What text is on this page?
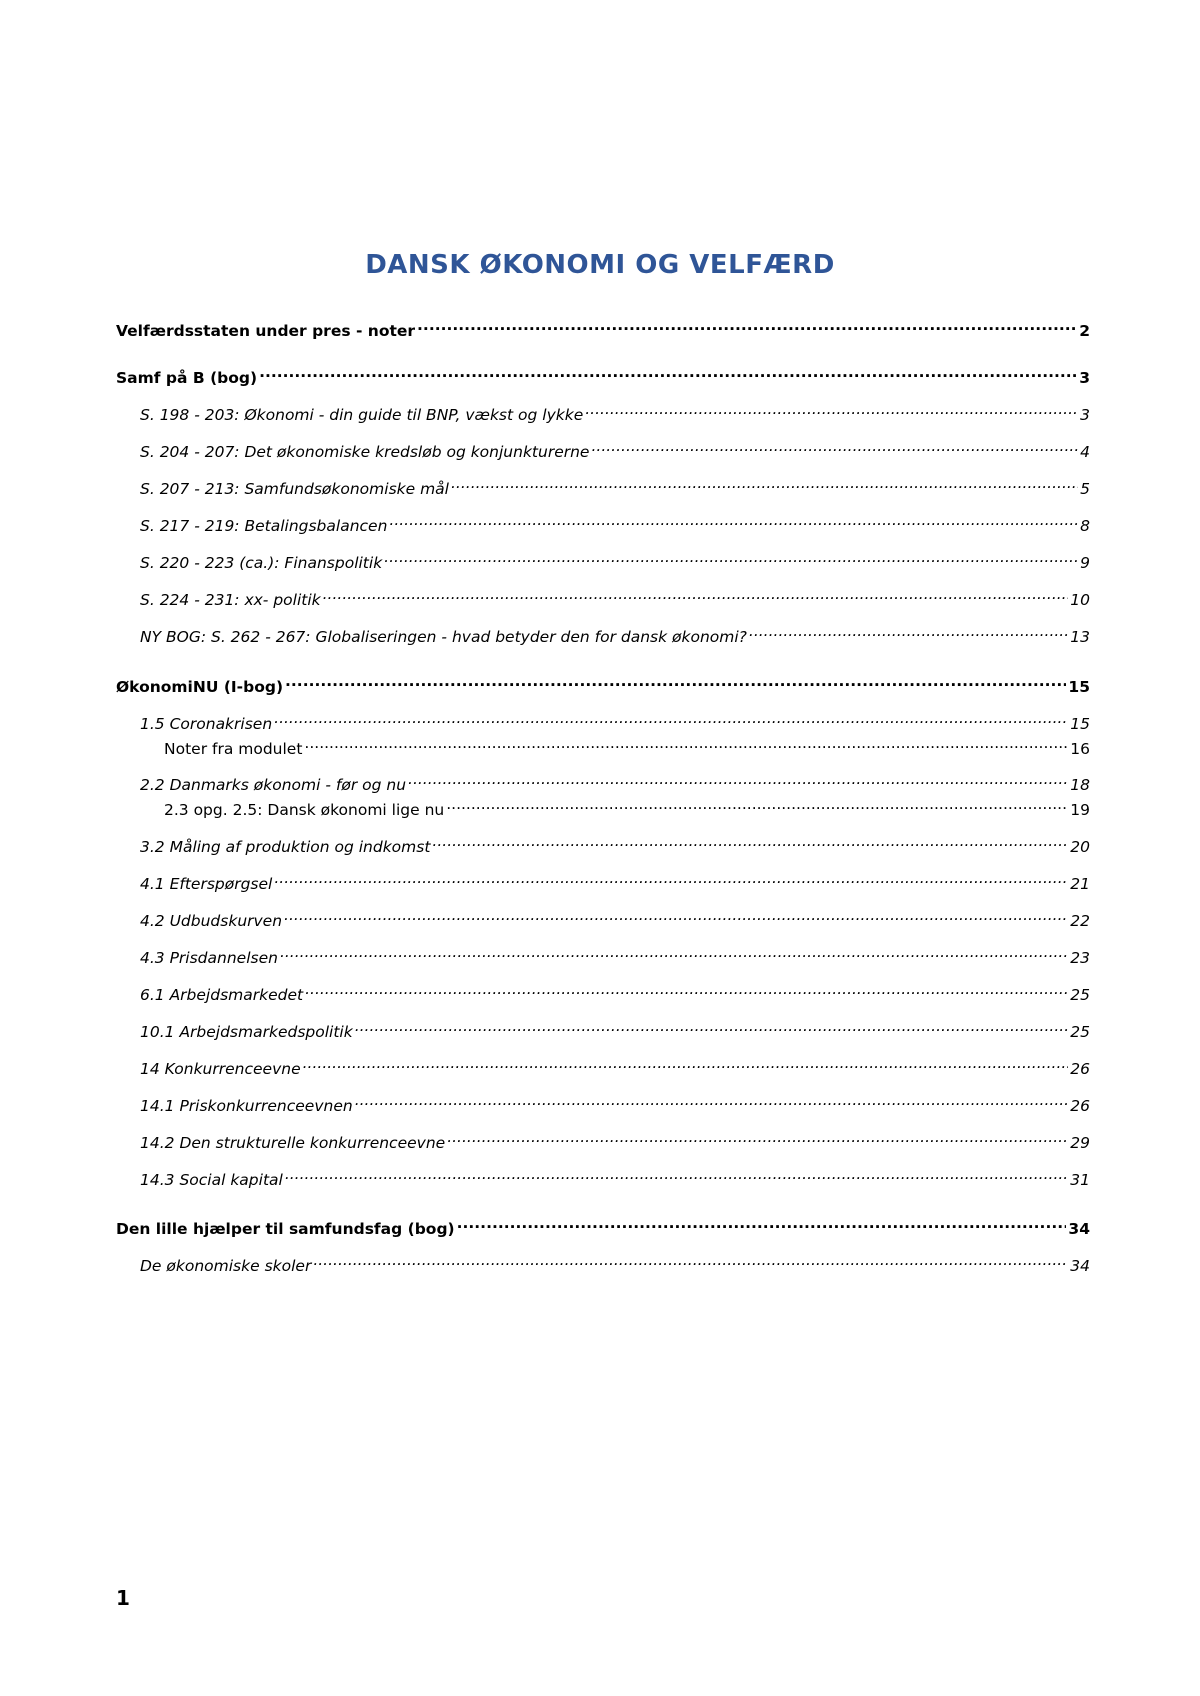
DANSK ØKONOMI OG VELFÆRD
Velfærdsstaten under pres - noter .....	2
Samf på B (bog) .....	3
S. 198 - 203: Økonomi - din guide til BNP, vækst og lykke .....	3
S. 204 - 207: Det økonomiske kredsløb og konjunkturerne .....	4
S. 207 - 213: Samfundsøkonomiske mål .....	5
S. 217 - 219: Betalingsbalancen .....	8
S. 220 - 223 (ca.): Finanspolitik .....	9
S. 224 - 231: xx- politik .....	10
NY BOG: S. 262 - 267: Globaliseringen - hvad betyder den for dansk økonomi? .....	13
ØkonomiNU (I-bog) .....	15
1.5 Coronakrisen .....	15
Noter fra modulet .....	16
2.2 Danmarks økonomi - før og nu .....	18
2.3 opg. 2.5: Dansk økonomi lige nu .....	19
3.2 Måling af produktion og indkomst .....	20
4.1 Efterspørgsel .....	21
4.2 Udbudskurven .....	22
4.3 Prisdannelsen .....	23
6.1 Arbejdsmarkedet .....	25
10.1 Arbejdsmarkedspolitik .....	25
14 Konkurrenceevne .....	26
14.1 Priskonkurrenceevnen .....	26
14.2 Den strukturelle konkurrenceevne .....	29
14.3 Social kapital .....	31
Den lille hjælper til samfundsfag (bog) .....	34
De økonomiske skoler .....	34
1
